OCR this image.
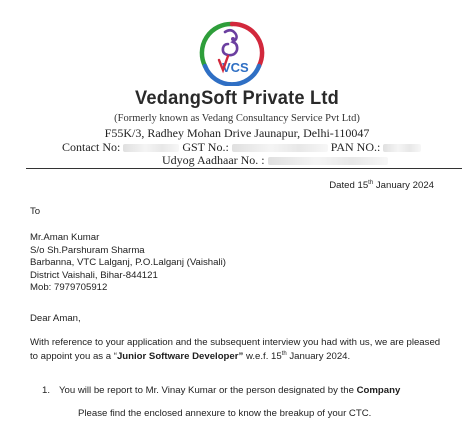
VCS
VedangSoft Private Ltd
(Formerly known as Vedang Consultancy Service Pvt Ltd)
F55K/3, Radhey Mohan Drive Jaunapur, Delhi-110047
Contact No:	GST No.:	PAN NO.:
Udyog Aadhaar No. :
Dated 15th January 2024
To
Mr.Aman Kumar
S/o Sh.Parshuram Sharma
Barbanna, VTC Lalganj, P.O.Lalganj (Vaishali)
District Vaishali, Bihar-844121
Mob: 7979705912
Dear Aman,
With reference to your application and the subsequent interview you had with us, we are pleased
to appoint you as a “Junior Software Developer” w.e.f. 15th January 2024.
1. You will be report to Mr. Vinay Kumar or the person designated by the Company
Please find the enclosed annexure to know the breakup of your CTC.
